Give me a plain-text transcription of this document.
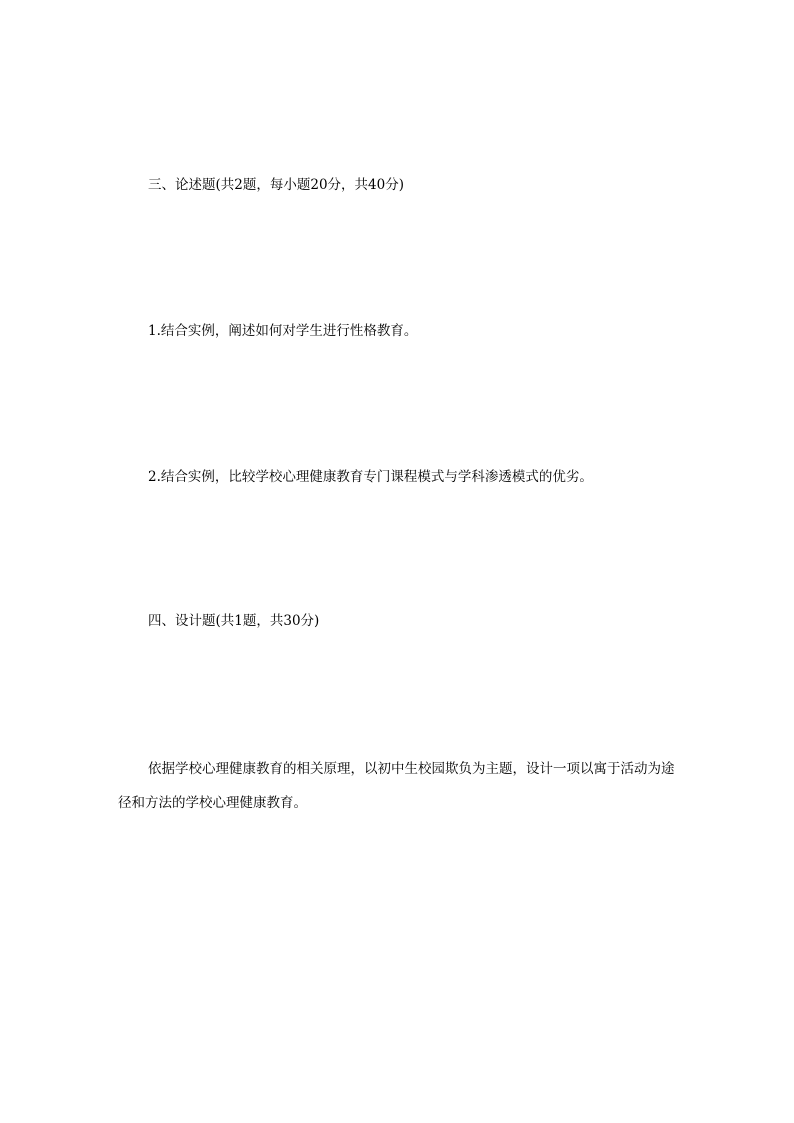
三、论述题(共2题，每小题20分，共40分)
1.结合实例，阐述如何对学生进行性格教育。
2.结合实例，比较学校心理健康教育专门课程模式与学科渗透模式的优劣。
四、设计题(共1题，共30分)
依据学校心理健康教育的相关原理，以初中生校园欺负为主题，设计一项以寓于活动为途径和方法的学校心理健康教育。
